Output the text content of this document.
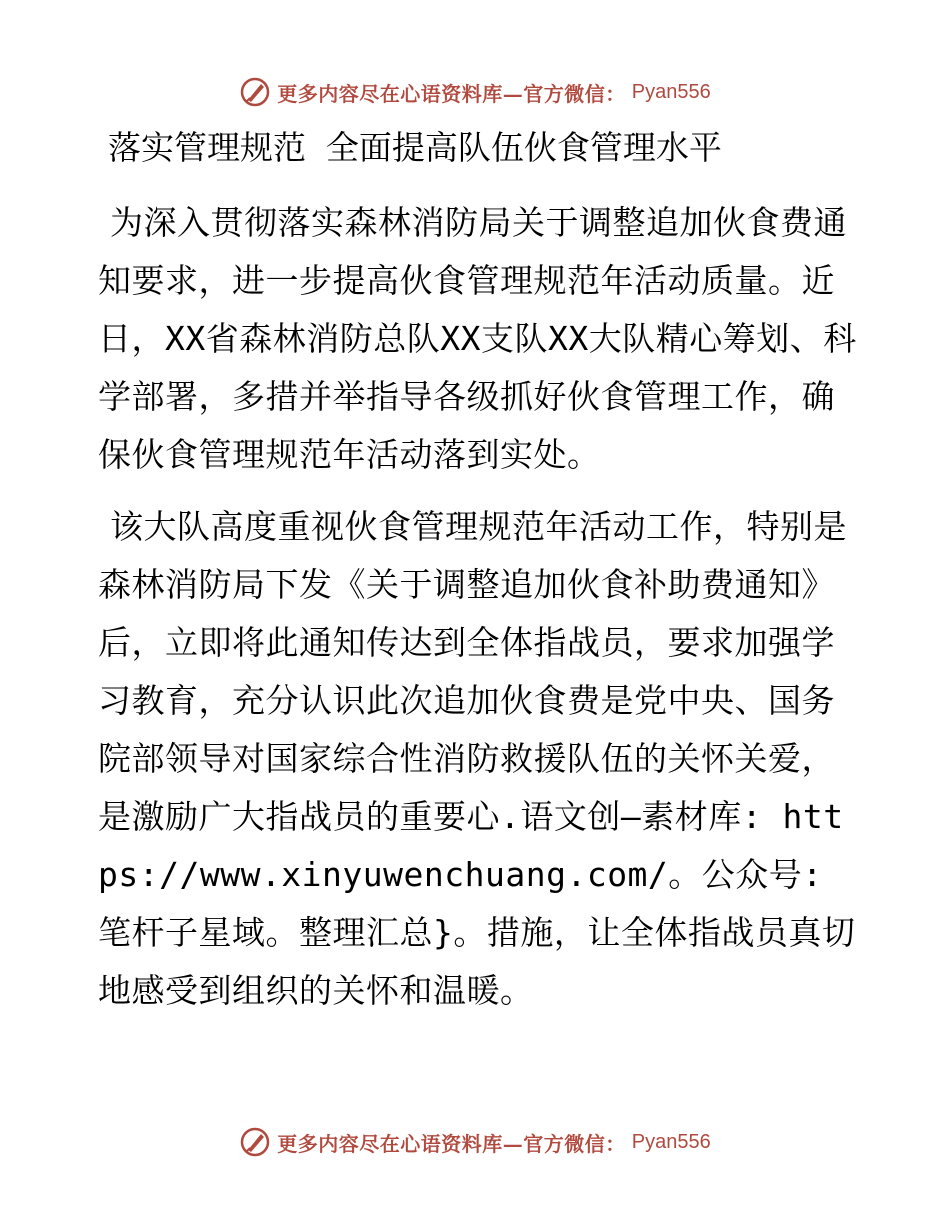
更多内容尽在心语资料库—官方微信： Pyan556
落实管理规范 全面提高队伍伙食管理水平

为深入贯彻落实森林消防局关于调整追加伙食费通知要求，进一步提高伙食管理规范年活动质量。近日，XX省森林消防总队XX支队XX大队精心筹划、科学部署，多措并举指导各级抓好伙食管理工作，确保伙食管理规范年活动落到实处。

该大队高度重视伙食管理规范年活动工作，特别是森林消防局下发《关于调整追加伙食补助费通知》后，立即将此通知传达到全体指战员，要求加强学习教育，充分认识此次追加伙食费是党中央、国务院部领导对国家综合性消防救援队伍的关怀关爱，是激励广大指战员的重要心.语文创—素材库: https://www.xinyuwenchuang.com/。公众号: 笔杆子星域。整理汇总}。措施，让全体指战员真切地感受到组织的关怀和温暖。

更多内容尽在心语资料库—官方微信： Pyan556
